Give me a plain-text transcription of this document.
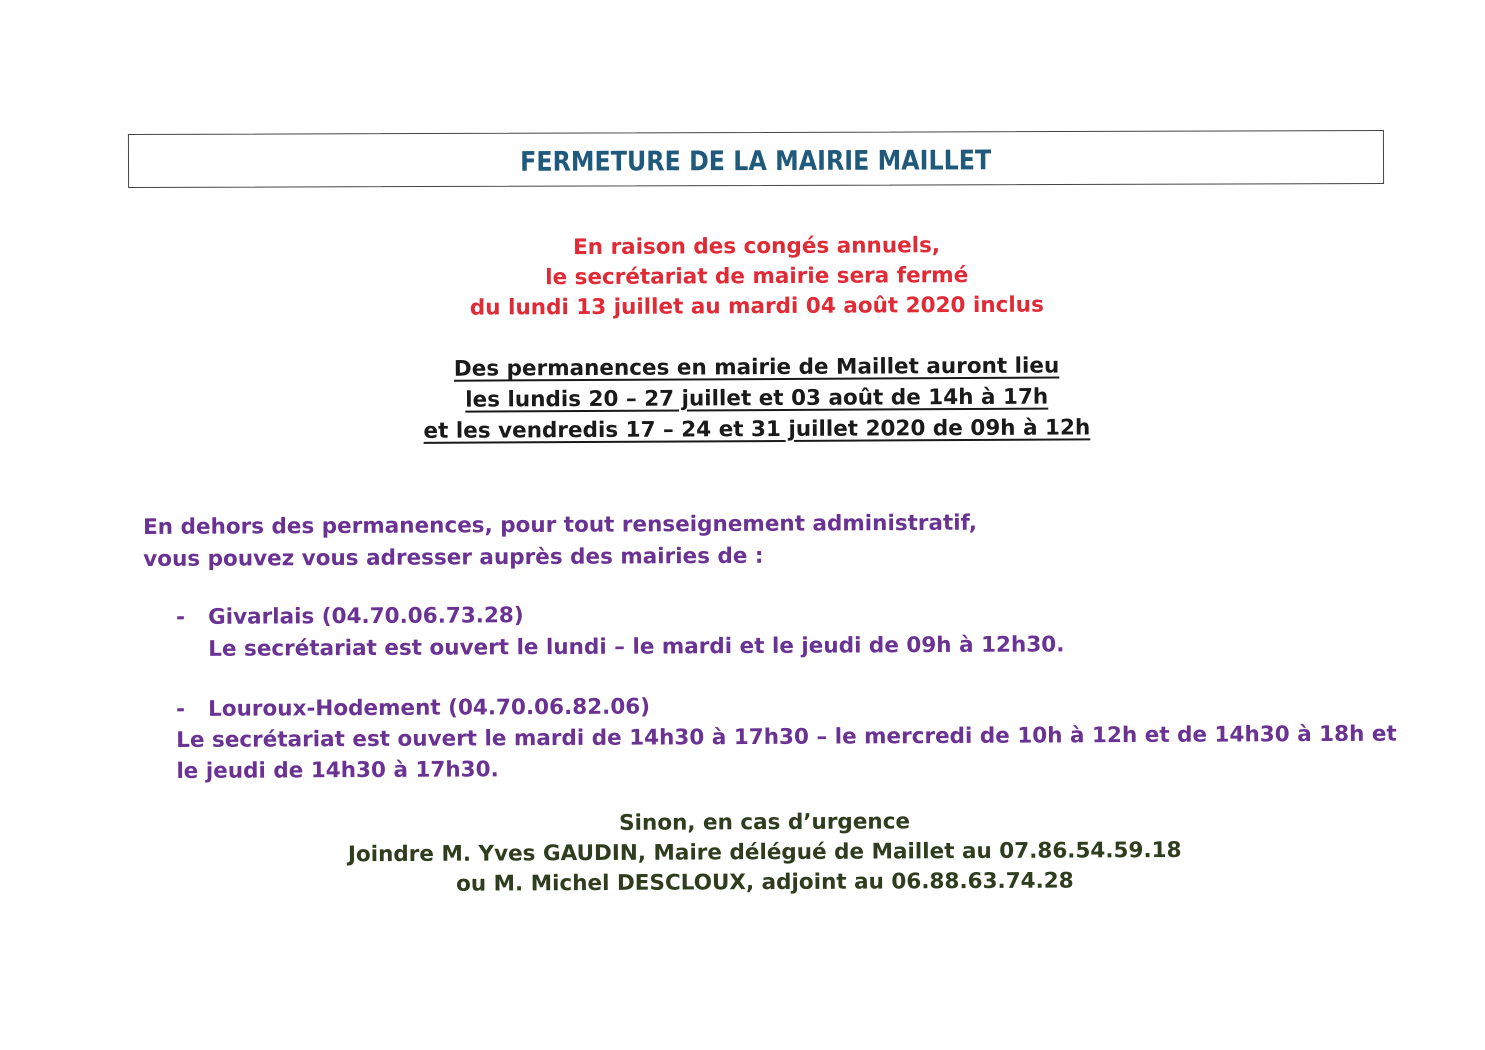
FERMETURE DE LA MAIRIE MAILLET
En raison des congés annuels,
le secrétariat de mairie sera fermé
du lundi 13 juillet au mardi 04 août 2020 inclus
Des permanences en mairie de Maillet auront lieu
les lundis 20 – 27 juillet et 03 août de 14h à 17h
et les vendredis 17 – 24 et 31 juillet 2020 de 09h à 12h
En dehors des permanences, pour tout renseignement administratif,
vous pouvez vous adresser auprès des mairies de :
- Givarlais (04.70.06.73.28)
Le secrétariat est ouvert le lundi – le mardi et le jeudi de 09h à 12h30.
- Louroux-Hodement (04.70.06.82.06)
Le secrétariat est ouvert le mardi de 14h30 à 17h30 – le mercredi de 10h à 12h et de 14h30 à 18h et
le jeudi de 14h30 à 17h30.
Sinon, en cas d’urgence
Joindre M. Yves GAUDIN, Maire délégué de Maillet au 07.86.54.59.18
ou M. Michel DESCLOUX, adjoint au 06.88.63.74.28
